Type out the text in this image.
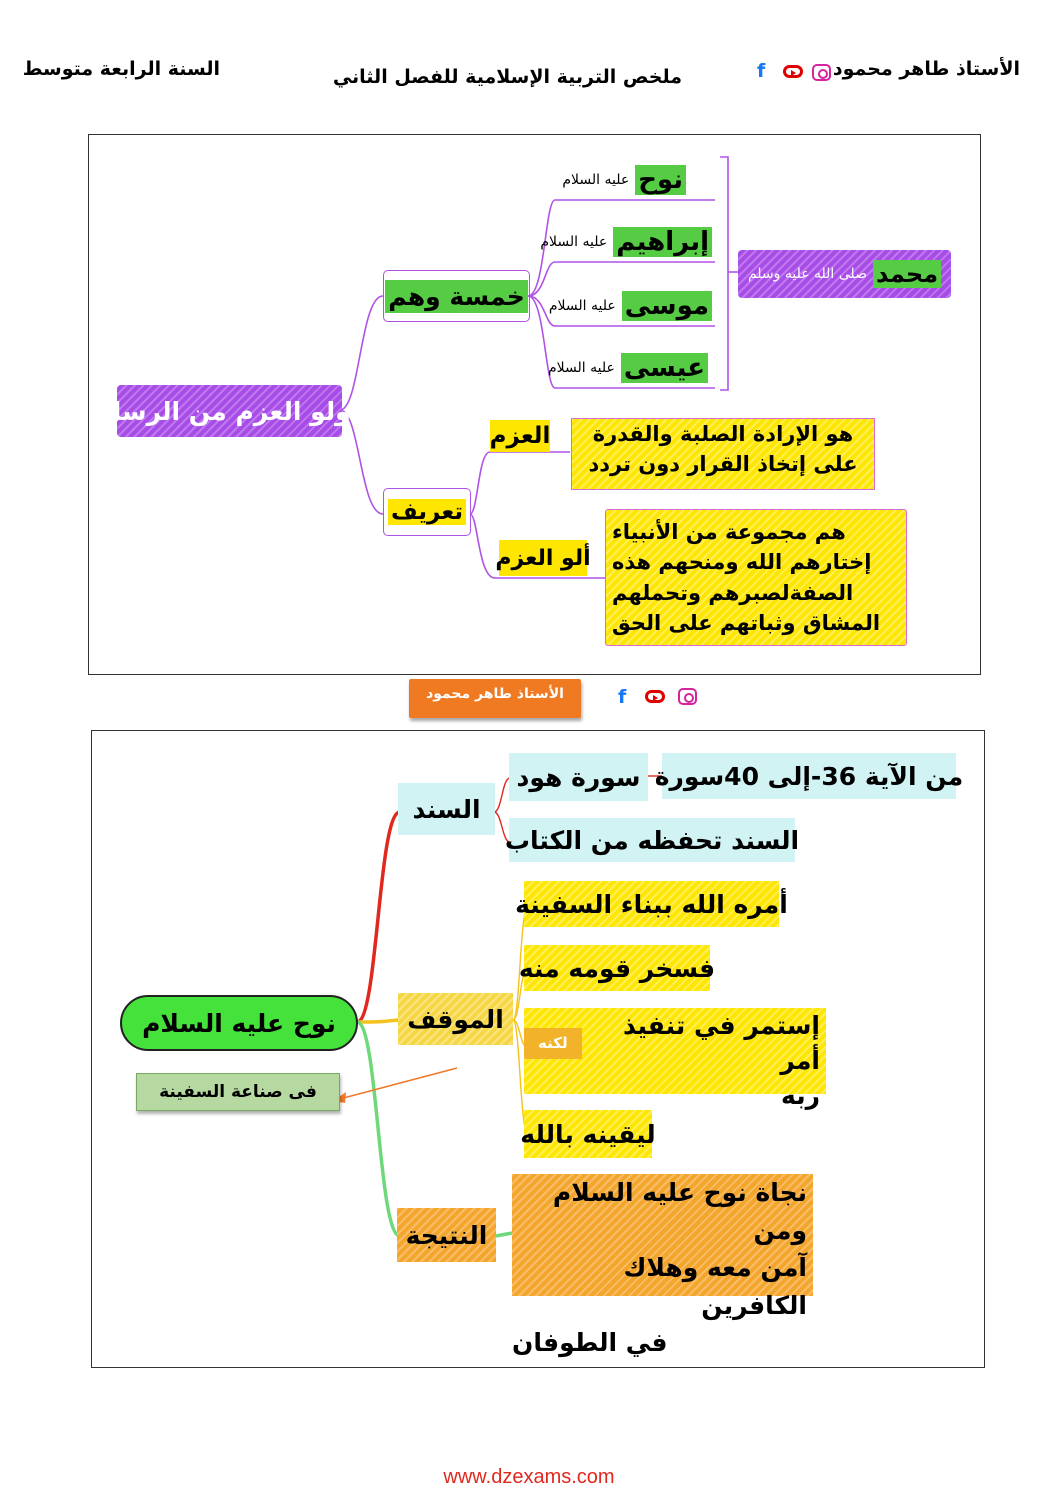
الأستاذ طاهر محمود
f
ملخص التربية الإسلامية للفصل الثاني
السنة الرابعة متوسط
أولو العزم من الرسل
خمسة وهم
نوح
عليه السلام
إبراهيم
عليه السلام
موسى
عليه السلام
عيسى
عليه السلام
محمد
صلى الله عليه وسلم
تعريف
العزم هو الإرادة الصلبة والقدرة
على إتخاذ القرار دون تردد
ألو العزم
هم مجموعة من الأنبياء
إختارهم الله ومنحهم هذه
الصفةلصبرهم وتحملهم
المشاق وثباتهم على الحق
الأستاذ طاهر محمود	f
نوح عليه السلام
فى صناعة السفينة
السند
سورة هود من الآية 36-إلى 40سورة
السند تحفظه من الكتاب
الموقف
أمره الله ببناء السفينة
فسخر قومه منه
إستمر في تنفيذ أمر
لكنه
ربه
ليقينه بالله
النتيجة
نجاة نوح عليه السلام ومن
آمن معه وهلاك الكافرين
في الطوفان
www.dzexams.com
